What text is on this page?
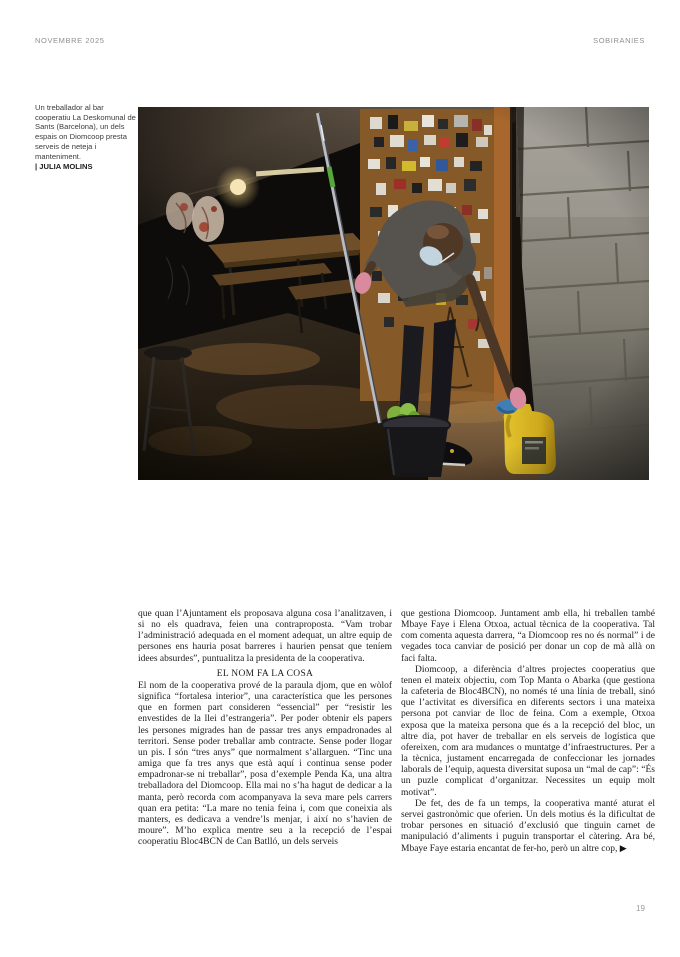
NOVEMBRE 2025	SOBIRANIES
Un treballador al bar cooperatiu La Deskomunal de Sants (Barcelona), un dels espais on Diomcoop presta serveis de neteja i manteniment.
| JULIA MOLINS

que quan l’Ajuntament els proposava alguna cosa l’analitzaven, i si no els quadrava, feien una contraproposta. “Vam trobar l’administració adequada en el moment adequat, un altre equip de persones ens hauria posat barreres i haurien pensat que teníem idees absurdes”, puntualitza la presidenta de la cooperativa.

EL NOM FA LA COSA

El nom de la cooperativa prové de la paraula djom, que en wòlof significa “fortalesa interior”, una característica que les persones que en formen part consideren “essencial” per “resistir les envestides de la llei d’estrangeria”. Per poder obtenir els papers les persones migrades han de passar tres anys empadronades al territori. Sense poder treballar amb contracte. Sense poder llogar un pis. I són “tres anys” que normalment s’allarguen. “Tinc una amiga que fa tres anys que està aquí i continua sense poder empadronar-se ni treballar”, posa d’exemple Penda Ka, una altra treballadora del Diomcoop. Ella mai no s’ha hagut de dedicar a la manta, però recorda com acompanyava la seva mare pels carrers quan era petita: “La mare no tenia feina i, com que coneixia als manters, es dedicava a vendre’ls menjar, i així no s’havien de moure”. M’ho explica mentre seu a la recepció de l’espai cooperatiu Bloc4BCN de Can Batlló, un dels serveis

que gestiona Diomcoop. Juntament amb ella, hi treballen també Mbaye Faye i Elena Otxoa, actual tècnica de la cooperativa. Tal com comenta aquesta darrera, “a Diomcoop res no és normal” i de vegades toca canviar de posició per donar un cop de mà allà on faci falta.

Diomcoop, a diferència d’altres projectes cooperatius que tenen el mateix objectiu, com Top Manta o Abarka (que gestiona la cafeteria de Bloc4BCN), no només té una línia de treball, sinó que l’activitat es diversifica en diferents sectors i una mateixa persona pot canviar de lloc de feina. Com a exemple, Otxoa exposa que la mateixa persona que és a la recepció del bloc, un altre dia, pot haver de treballar en els serveis de logística que ofereixen, com ara mudances o muntatge d’infraestructures. Per a la tècnica, justament encarregada de confeccionar les jornades laborals de l’equip, aquesta diversitat suposa un “mal de cap”: “És un puzle complicat d’organitzar. Necessites un equip molt motivat”.

De fet, des de fa un temps, la cooperativa manté aturat el servei gastronòmic que oferien. Un dels motius és la dificultat de trobar persones en situació d’exclusió que tinguin carnet de manipulació d’aliments i puguin transportar el càtering. Ara bé, Mbaye Faye estaria encantat de fer-ho, però un altre cop, ▶

19
